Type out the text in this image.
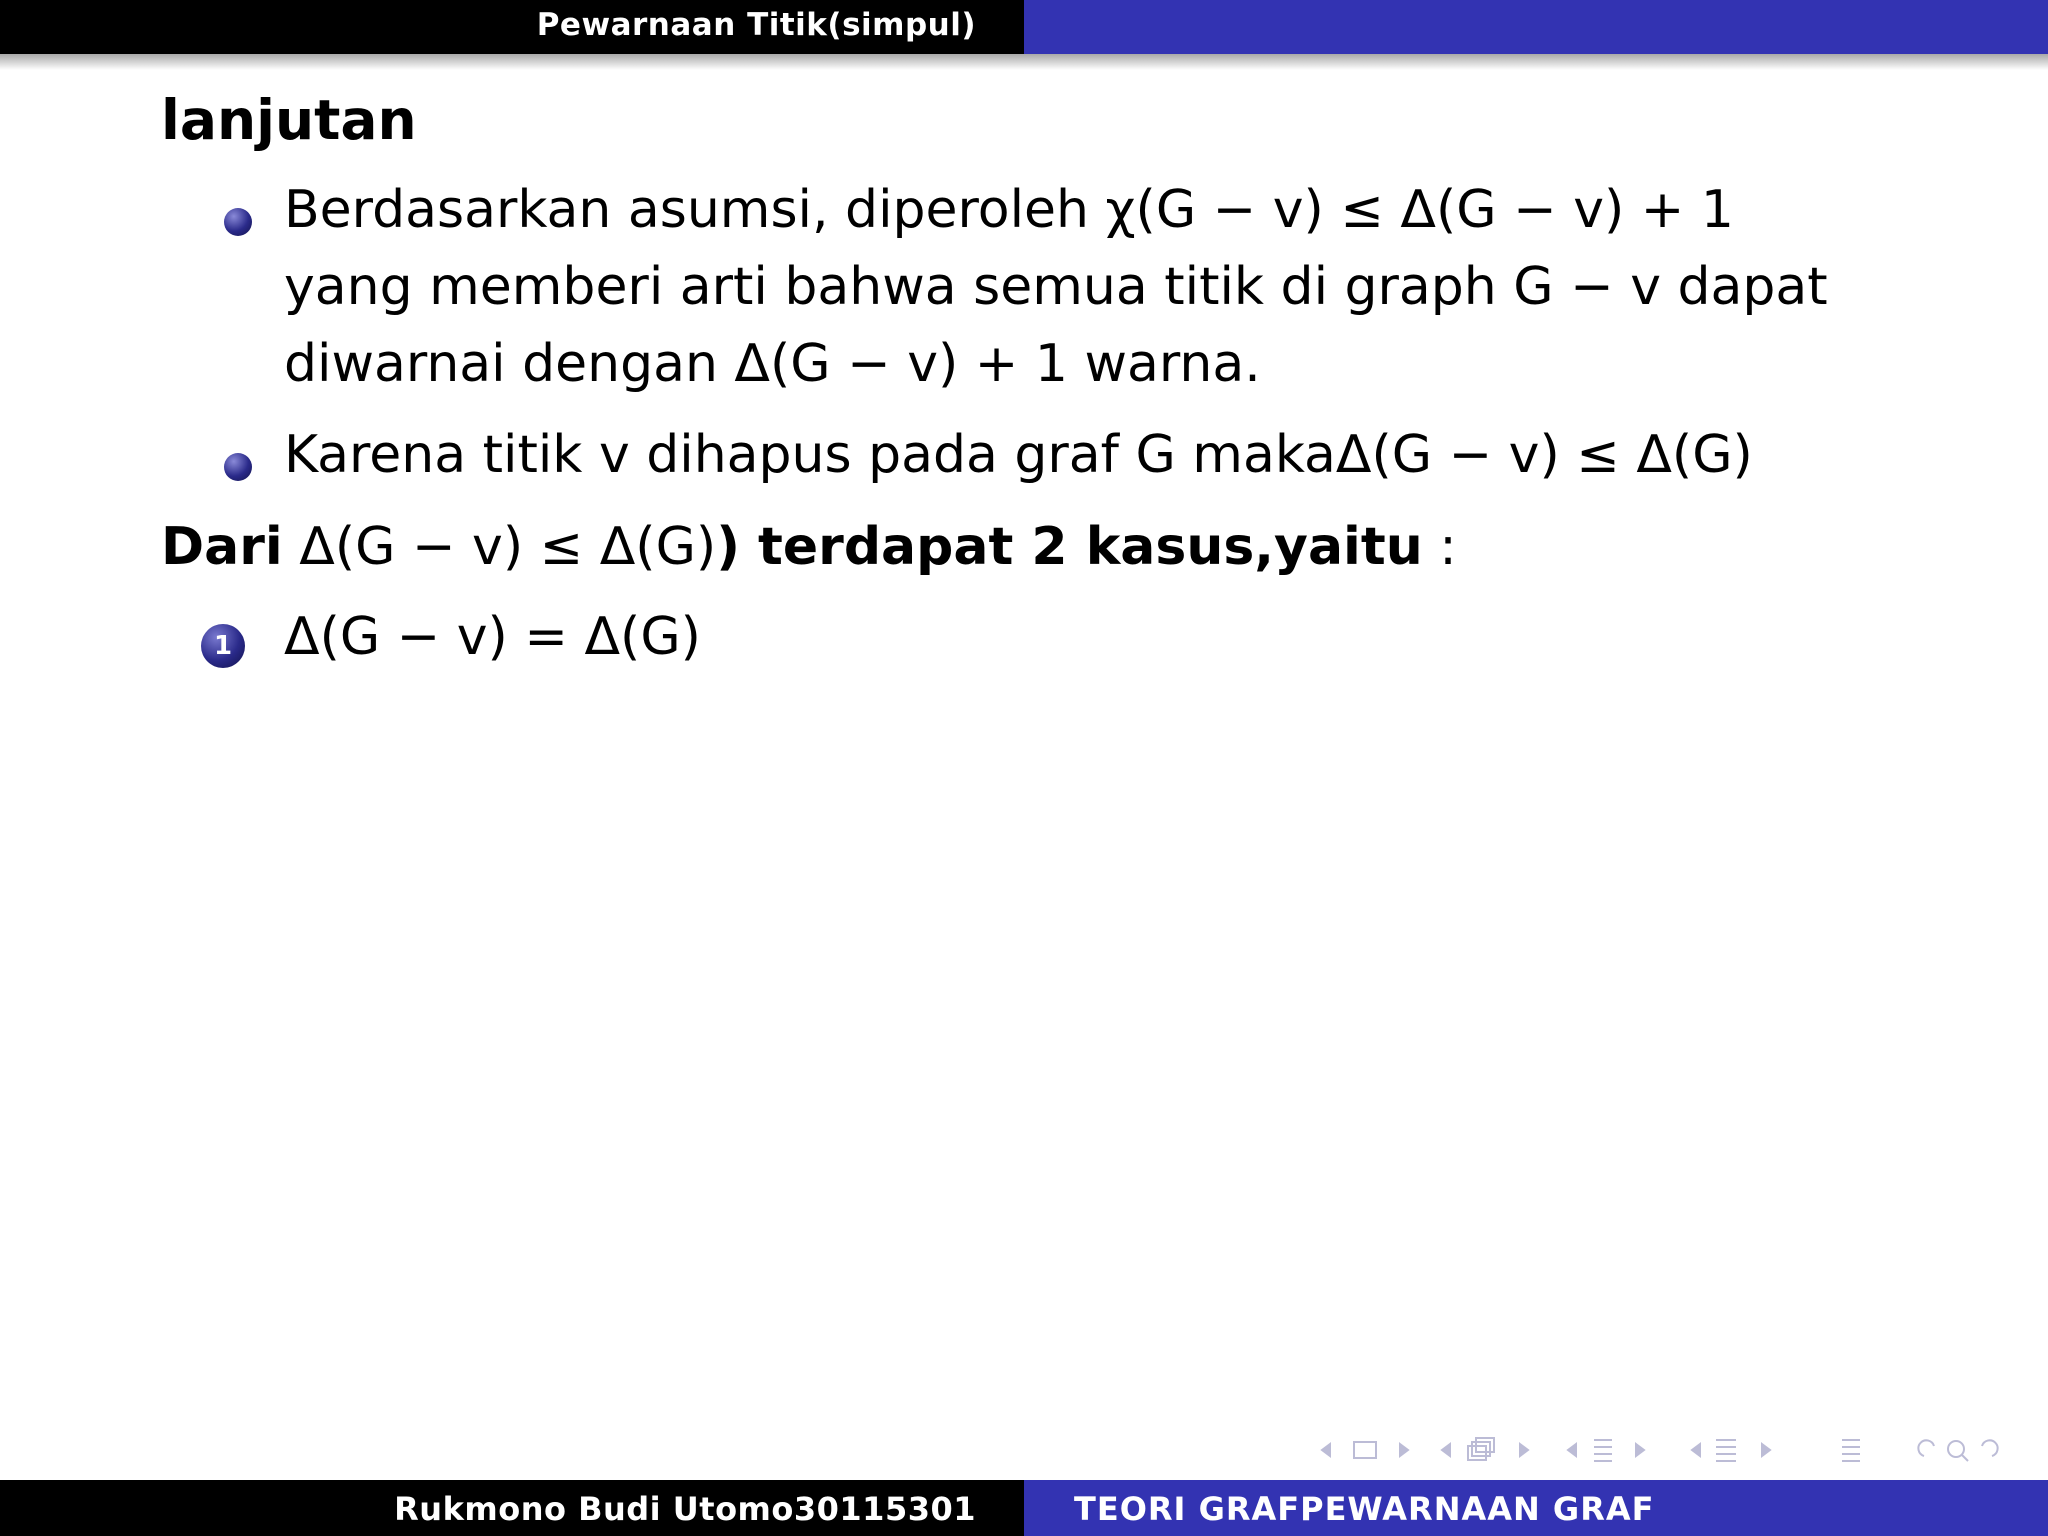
Pewarnaan Titik(simpul)
lanjutan
Berdasarkan asumsi, diperoleh χ(G − v) ≤ Δ(G − v) + 1
yang memberi arti bahwa semua titik di graph G − v dapat
diwarnai dengan Δ(G − v) + 1 warna.
Karena titik v dihapus pada graf G makaΔ(G − v) ≤ Δ(G)
Dari Δ(G − v) ≤ Δ(G)) terdapat 2 kasus,yaitu :
1 Δ(G − v) = Δ(G)
Rukmono Budi Utomo30115301	TEORI GRAFPEWARNAAN GRAF
